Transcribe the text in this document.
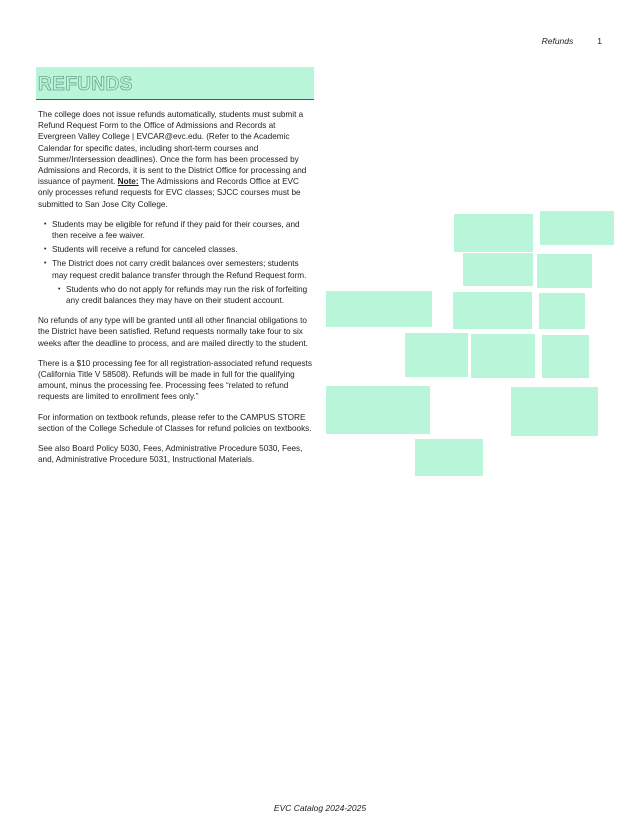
Refunds	1
REFUNDS

The college does not issue refunds automatically, students must submit a Refund Request Form to the Office of Admissions and Records at Evergreen Valley College | EVCAR@evc.edu. (Refer to the Academic Calendar for specific dates, including short-term courses and Summer/Intersession deadlines). Once the form has been processed by Admissions and Records, it is sent to the District Office for processing and issuance of payment. Note: The Admissions and Records Office at EVC only processes refund requests for EVC classes; SJCC courses must be submitted to San Jose City College.

• Students may be eligible for refund if they paid for their courses, and then receive a fee waiver.
• Students will receive a refund for canceled classes.
• The District does not carry credit balances over semesters; students may request credit balance transfer through the Refund Request form.
• Students who do not apply for refunds may run the risk of forfeiting any credit balances they may have on their student account.

No refunds of any type will be granted until all other financial obligations to the District have been satisfied. Refund requests normally take four to six weeks after the deadline to process, and are mailed directly to the student.

There is a $10 processing fee for all registration-associated refund requests (California Title V 58508). Refunds will be made in full for the qualifying amount, minus the processing fee. Processing fees “related to refund requests are limited to enrollment fees only.”

For information on textbook refunds, please refer to the CAMPUS STORE section of the College Schedule of Classes for refund policies on textbooks.

See also Board Policy 5030, Fees, Administrative Procedure 5030, Fees, and, Administrative Procedure 5031, Instructional Materials.

EVC Catalog 2024-2025
